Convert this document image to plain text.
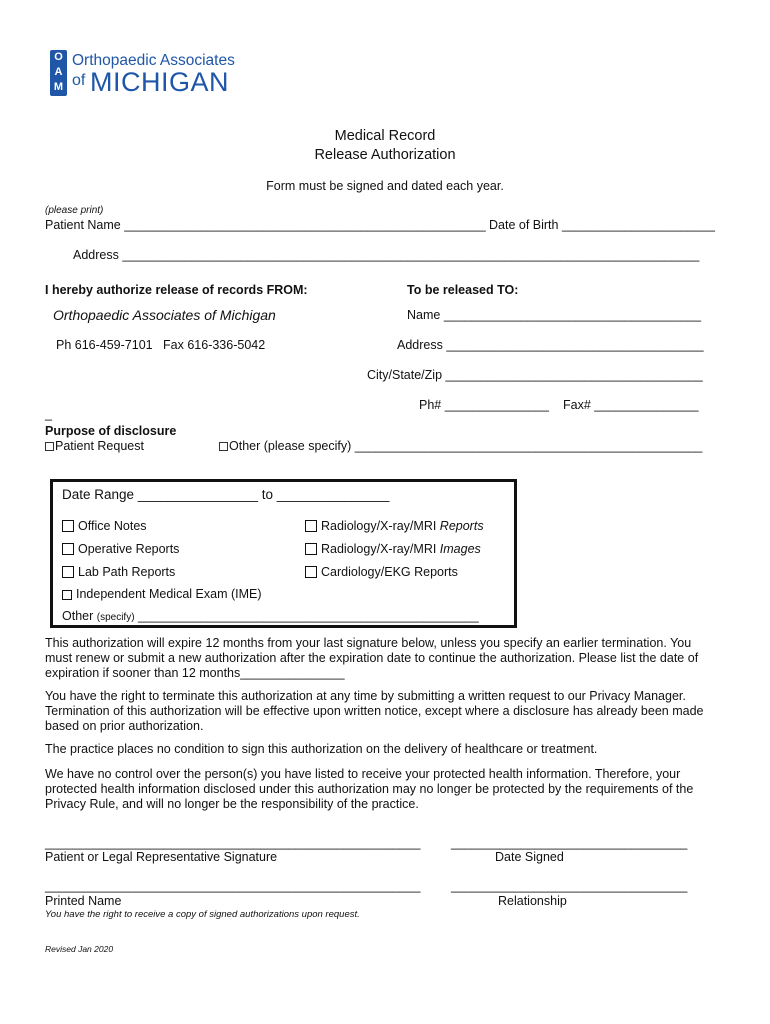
O
A
M
Orthopaedic Associates
of MICHIGAN
Medical Record
Release Authorization
Form must be signed and dated each year.
(please print)
Patient Name ____________________________________________________ Date of Birth ______________________
Address ___________________________________________________________________________________
I hereby authorize release of records FROM:	To be released TO:
Orthopaedic Associates of Michigan
Ph 616-459-7101   Fax 616-336-5042
Name _____________________________________
Address _____________________________________
City/State/Zip _____________________________________
Ph# _______________ Fax# _______________
_
Purpose of disclosure
Patient Request	Other (please specify) __________________________________________________
Date Range ________________ to _______________
Office Notes
Operative Reports
Lab Path Reports
Radiology/X-ray/MRI Reports
Radiology/X-ray/MRI Images
Cardiology/EKG Reports
Independent Medical Exam (IME)
Other (specify) _________________________________________________
This authorization will expire 12 months from your last signature below, unless you specify an earlier termination. You must renew or submit a new authorization after the expiration date to continue the authorization. Please list the date of expiration if sooner than 12 months_______________
You have the right to terminate this authorization at any time by submitting a written request to our Privacy Manager. Termination of this authorization will be effective upon written notice, except where a disclosure has already been made based on prior authorization.
The practice places no condition to sign this authorization on the delivery of healthcare or treatment.
We have no control over the person(s) you have listed to receive your protected health information. Therefore, your protected health information disclosed under this authorization may no longer be protected by the requirements of the Privacy Rule, and will no longer be the responsibility of the practice.
______________________________________________________ __________________________________
Patient or Legal Representative Signature	Date Signed
______________________________________________________ __________________________________
Printed Name	Relationship
You have the right to receive a copy of signed authorizations upon request.
Revised Jan 2020
